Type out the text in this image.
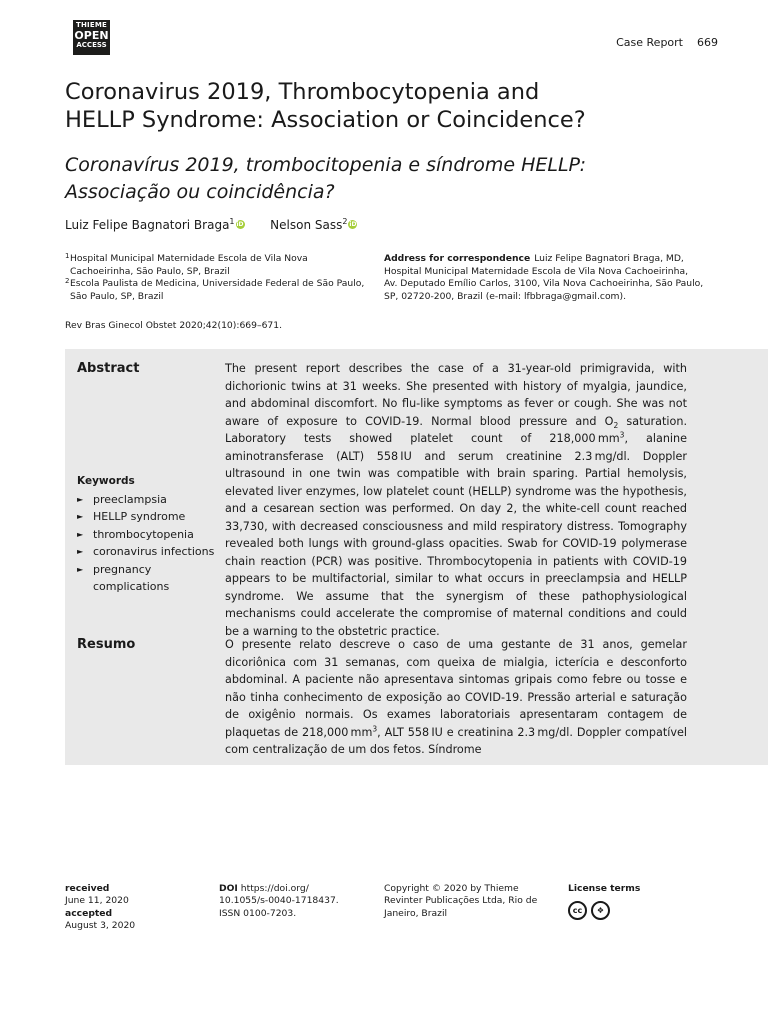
THIEME
OPEN
ACCESS	Case Report 669
Coronavirus 2019, Thrombocytopenia and
HELLP Syndrome: Association or Coincidence?
Coronavírus 2019, trombocitopenia e síndrome HELLP:
Associação ou coincidência?
Luiz Felipe Bagnatori Braga$^1$ iD Nelson Sass$^2$ iD
1 Hospital Municipal Maternidade Escola de Vila Nova Cachoeirinha, São Paulo, SP, Brazil
2 Escola Paulista de Medicina, Universidade Federal de São Paulo, São Paulo, SP, Brazil
Address for correspondence Luiz Felipe Bagnatori Braga, MD, Hospital Municipal Maternidade Escola de Vila Nova Cachoeirinha, Av. Deputado Emílio Carlos, 3100, Vila Nova Cachoeirinha, São Paulo, SP, 02720-200, Brazil (e-mail: lfbbraga@gmail.com).
Rev Bras Ginecol Obstet 2020;42(10):669–671.
Abstract	The present report describes the case of a 31-year-old primigravida, with dichorionic twins at 31 weeks. She presented with history of myalgia, jaundice, and abdominal discomfort. No flu-like symptoms as fever or cough. She was not aware of exposure to COVID-19. Normal blood pressure and $O_2$ saturation. Laboratory tests showed platelet count of 218,000 $mm^3$, alanine aminotransferase (ALT) 558 IU and serum creatinine 2.3 mg/dl. Doppler ultrasound in one twin was compatible with brain sparing. Partial hemolysis, elevated liver enzymes, low platelet count (HELLP) syndrome was the hypothesis, and a cesarean section was performed. On day 2, the white-cell count reached 33,730, with decreased consciousness and mild respiratory distress. Tomography revealed both lungs with ground-glass opacities. Swab for COVID-19 polymerase chain reaction (PCR) was positive. Thrombocytopenia in patients with COVID-19 appears to be multifactorial, similar to what occurs in preeclampsia and HELLP syndrome. We assume that the synergism of these pathophysiological mechanisms could accelerate the compromise of maternal conditions and could be a warning to the obstetric practice.
Keywords
► preeclampsia
► HELLP syndrome
► thrombocytopenia
► coronavirus infections
► pregnancy complications
Resumo	O presente relato descreve o caso de uma gestante de 31 anos, gemelar dicoriônica com 31 semanas, com queixa de mialgia, icterícia e desconforto abdominal. A paciente não apresentava sintomas gripais como febre ou tosse e não tinha conhecimento de exposição ao COVID-19. Pressão arterial e saturação de oxigênio normais. Os exames laboratoriais apresentaram contagem de plaquetas de 218,000 $mm^3$, ALT 558 IU e creatinina 2.3 mg/dl. Doppler compatível com centralização de um dos fetos. Síndrome
received
June 11, 2020
accepted
August 3, 2020
DOI https://doi.org/
10.1055/s-0040-1718437.
ISSN 0100-7203.
Copyright © 2020 by Thieme Revinter Publicações Ltda, Rio de Janeiro, Brazil
License terms
cc ❖
